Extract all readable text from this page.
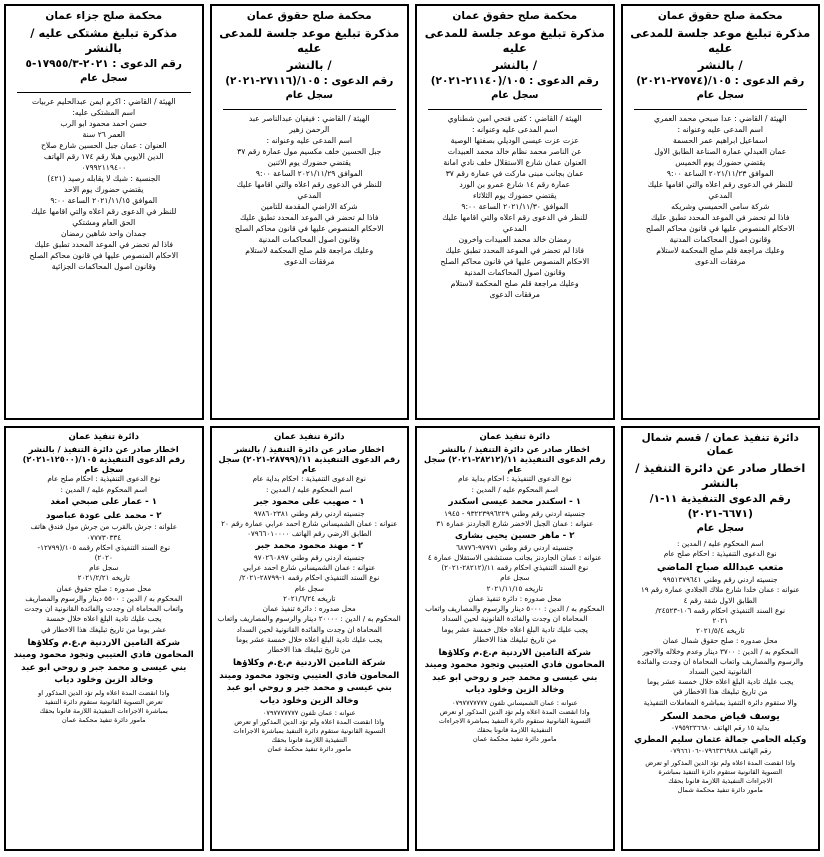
محكمة صلح حقوق عمان
مذكرة تبليغ موعد جلسة للمدعى عليه
/ بالنشر
رقم الدعوى : ١٠٥/(٢٧٥٧٤-٢٠٢١)
سجل عام
الهيئة / القاضي : عدا صبحي محمد العمري
اسم المدعى عليه وعنوانه :
اسماعيل ابراهيم عمر الحسمة
عمان العبدلي عمارة الصناعة الطابق الاول
يقتضي حضورك يوم الخميس
الموافق ٢٠٢١/١١/٢٣ الساعة ٩:٠٠
للنظر في الدعوى رقم اعلاه والتي اقامها عليك
المدعي
شركة سامي الحميسي وشريكه
فاذا لم تحضر في الموعد المحدد تطبق عليك
الاحكام المنصوص عليها في قانون محاكم الصلح
وقانون اصول المحاكمات المدنية
وعليك مراجعة قلم صلح المحكمة لاستلام
مرفقات الدعوى
محكمة صلح حقوق عمان
مذكرة تبليغ موعد جلسة للمدعى عليه
/ بالنشر
رقم الدعوى : ١٠٥/(٢١١٤٠-٢٠٢١)
سجل عام
الهيئة / القاضي : كفى فتحي امين شطناوي
اسم المدعى عليه وعنوانه :
عزت عزت عيسى الوديلي بصفتها الوصية
عن الناصر محمد نظام خالد محمد العبيدات
العنوان عمان شارع الاستقلال خلف نادي امانة
عمان بجانب مبنى ماركت في عمارة رقم ٣٧
عمارة رقم ١٤ شارع عمرو بن الورد
يقتضي حضورك يوم الثلاثاء
الموافق ٢٠٢١/١١/٣٠ الساعة ٩:٠٠
للنظر في الدعوى رقم اعلاه والتي اقامها عليك
المدعي
رمضان خالد محمد العبيدات واخرون
فاذا لم تحضر في الموعد المحدد تطبق عليك
الاحكام المنصوص عليها في قانون محاكم الصلح
وقانون اصول المحاكمات المدنية
وعليك مراجعة قلم صلح المحكمة لاستلام
مرفقات الدعوى
محكمة صلح حقوق عمان
مذكرة تبليغ موعد جلسة للمدعى عليه
/ بالنشر
رقم الدعوى : ١٠٥/(٢٧١١٦-٢٠٢١)
سجل عام
الهيئة / القاضي : فيفيان عبدالناصر عبد
الرحمن زهير
اسم المدعى عليه وعنوانه :
جبل الحسين خلف مكسيم مول عمارة رقم ٣٧
يقتضي حضورك يوم الاثنين
الموافق ٢٠٢١/١١/٢٩ الساعة ٩:٠٠
للنظر في الدعوى رقم اعلاه والتي اقامها عليك
المدعي
شركة الاراضي المقدمة للتامين
فاذا لم تحضر في الموعد المحدد تطبق عليك
الاحكام المنصوص عليها في قانون محاكم الصلح
وقانون اصول المحاكمات المدنية
وعليك مراجعة قلم صلح المحكمة لاستلام
مرفقات الدعوى
محكمة صلح جزاء عمان
مذكرة تبليغ مشتكى عليه / بالنشر
رقم الدعوى : ٢٠٢١-١٧٩٥٥/٣-٥
سجل عام
الهيئة / القاضي : اكرم ايمن عبدالحليم عربيات
اسم المشتكى عليه:
حسن احمد محمود ابو الرب
العمر ٢٦ سنة
العنوان : عمان جبل الحسين شارع صلاح
الدين الايوبي هبلا رقم ١٧٤ رقم الهاتف
٠٧٩٩٢١١٩٤٠٠
الجنسية : شيك لا يقابله رصيد (٤٢١)
يقتضي حضورك يوم الاحد
الموافق ٢٠٢١/١١/١٥ الساعة ٩:٠٠
للنظر في الدعوى رقم اعلاه والتي اقامها عليك
الحق العام ومشتكي
جمدان واحد شاهين رمضان
فاذا لم تحضر في الموعد المحدد تطبق عليك
الاحكام المنصوص عليها في قانون محاكم الصلح
وقانون اصول المحاكمات الجزائية
دائرة تنفيذ عمان / قسم شمال عمان
اخطار صادر عن دائرة التنفيذ / بالنشر
رقم الدعوى التنفيذية ١١-١/
(٦٦٧١-٢٠٢١)
سجل عام
اسم المحكوم عليه / المدين :
نوع الدعوى التنفيذية : احكام صلح عام
متعب عبدالله صباح الماضي
جنسيته اردني رقم وطني ٩٩٥١٣٧٩٦٤١
عنوانه : عمان خلدا شارع ملاك الجلادي عمارة رقم ١٩
الطابق الاول شقة رقم ٤
نوع السند التنفيذي احكام رقمه ١٠٦-٢٤٥٢٣/
٢٠٢١
تاريخه ٢٠٢١/٥/٤
محل صدوره : صلح حقوق شمال عمان
المحكوم به / الدين : ٣٧٠٠ دينار وعدم وخلاله والاجور
والرسوم والمصاريف واتعاب المحاماة ان وجدت والفائدة
القانونية لحين السداد
يجب عليك تادية البلغ اعلاه خلال خمسة عشر يوما
من تاريخ تبليغك هذا الاخطار في
والا ستقوم دائرة التنفيذ بمباشرة المعاملات التنفيذية
يوسف فياض محمد السكر
بداية ١٥ رقم الهاتف ٠٧٩٥٩٢٣٦٦٨٠
وكيله الحامي جمالة عثمان سليم المطري
رقم الهاتف ٠٧٩٦٣٣٦٩٨٨-٠٧٩٦٦١٠٦
واذا انقضت المدة اعلاه ولم تؤد الدين المذكور او تعرض
التسوية القانونية ستقوم دائرة التنفيذ بمباشرة
الاجراءات التنفيذية اللازمة قانونا بحقك
مامور دائرة تنفيذ محكمة شمال
دائرة تنفيذ عمان
اخطار صادر عن دائرة التنفيذ / بالنشر
رقم الدعوى التنفيذية ١١/(٢٨٢١٢-٢٠٢١) سجل عام
نوع الدعوى التنفيذية : احكام بداية عام
اسم المحكوم عليه / المدين :
١ - اسكندر محمد عيسى اسكندر
جنسيته اردني رقم وطني ٩٣٢٢٣٩٩٦٢٢٩ - ١٩٤٥
عنوانه : عمان الجبل الاخضر شارع الجاردنز عمارة ٣١
٢ - ماهر حسين يحيى بشارى
جنسيته اردني رقم وطني ٩٧٩٧١-٦٨٧٧٦
عنوانه : عمان الجاردنز بجانب مستشفى الاستقلال عمارة ٤
نوع السند التنفيذي احكام رقمه ١١/(٢٨٢١٢-٢٠٢١)
سجل عام
تاريخه ٢٠٢١/١١/١٥
محل صدوره : دائرة تنفيذ عمان
المحكوم به / الدين : ٥٠٠٠ دينار والرسوم والمصاريف واتعاب
المحاماة ان وجدت والفائدة القانونية لحين السداد
يجب عليك تادية البلغ اعلاه خلال خمسة عشر يوما
من تاريخ تبليغك هذا الاخطار
شركة التامين الاردنية م.ع.م وكلاؤها
المحامون فادي العتيبي وتجود محمود وميند
بني عيسى و محمد جبر و روحي ابو عبد
وخالد الزين وخلود دياب
عنوانه : عمان الشميساني تلفون ٠٧٩٧٧٧٧٧٧٧
واذا انقضت المدة اعلاه ولم تؤد الدين المذكور او تعرض
التسوية القانونية ستقوم دائرة التنفيذ بمباشرة الاجراءات
التنفيذية اللازمة قانونا بحقك
مامور دائرة تنفيذ محكمة عمان
دائرة تنفيذ عمان
اخطار صادر عن دائرة التنفيذ / بالنشر
رقم الدعوى التنفيذية ١١/(٢٨٧٩٩-٢٠٢١) سجل عام
نوع الدعوى التنفيذية : احكام بداية عام
اسم المحكوم عليه / المدين :
١ - صهيب على محمود جبر
جنسيته اردني رقم وطني ٩٧٨٦٠٢٣٨١
عنوانه : عمان الشميساني شارع احمد عرابي عمارة رقم ٢٠
الطابق الارضي رقم الهاتف ٠٧٩٦٦٠١٠٠٠٠
٢ - مهند محمود محمد جبر
جنسيته اردني رقم وطني ٩٧٠٢٦٠٨٩٧
عنوانه : عمان الشميساني شارع احمد عرابي
نوع السند التنفيذي احكام رقمه ١-٢٨٧٩٩-٢٠٢١/
سجل عام
تاريخه ٢٠٢١/٦/٢٤
محل صدوره : دائرة تنفيذ عمان
المحكوم به / الدين : ٢٠٠٠٠ دينار والرسوم والمصاريف واتعاب
المحاماة ان وجدت والفائدة القانونية لحين السداد
يجب عليك تادية البلغ اعلاه خلال خمسة عشر يوما
من تاريخ تبليغك هذا الاخطار
شركة التامين الاردنية م.ع.م وكلاؤها
المحامون فادي العتيبي وتجود محمود وميند
بني عيسى و محمد جبر و روحي ابو عبد
وخالد الزين وخلود دياب
عنوانه : عمان تلفون ٠٧٩٧٧٧٧٧٧٧
واذا انقضت المدة اعلاه ولم تؤد الدين المذكور او تعرض
التسوية القانونية ستقوم دائرة التنفيذ بمباشرة الاجراءات
التنفيذية اللازمة قانونا بحقك
مامور دائرة تنفيذ محكمة عمان
دائرة تنفيذ عمان
اخطار صادر عن دائرة التنفيذ / بالنشر
رقم الدعوى التنفيذية ١٠٥/(١٢٥٠٠-٢٠٢١) سجل عام
نوع الدعوى التنفيذية : احكام صلح عام
اسم المحكوم عليه / المدين :
١ - عمار على صبحي امغد
٢ - محمد على عودة عباصود
علوانه : جرش بالقرب من جرش مول فندق هاتف
٠٧٧٧٣٠٣٣٤
نوع السند التنفيذي احكام رقمه ١٠٥/(١٢٧٩٩-
٢٠٢٠)
سجل عام
تاريخه ٢٠٢١/٢/٢١
محل صدوره : صلح حقوق عمان
المحكوم به / الدين : ٥٥٠٠ دينار والرسوم والمصاريف
واتعاب المحاماة ان وجدت والفائدة القانونية ان وجدت
يجب عليك تادية البلغ اعلاه خلال خمسة
عشر يوما من تاريخ تبليغك هذا الاخطار في
شركة التامين الاردنية م.ع.م وكلاؤها
المحامون فادي العتيبي وتجود محمود وميند
بني عيسى و محمد جبر و روحي ابو عبد
وخالد الزين وخلود دياب
واذا انقضت المدة اعلاه ولم تؤد الدين المذكور او
تعرض التسوية القانونية ستقوم دائرة التنفيذ
بمباشرة الاجراءات التنفيذية اللازمة قانونا بحقك
مامور دائرة تنفيذ محكمة عمان
